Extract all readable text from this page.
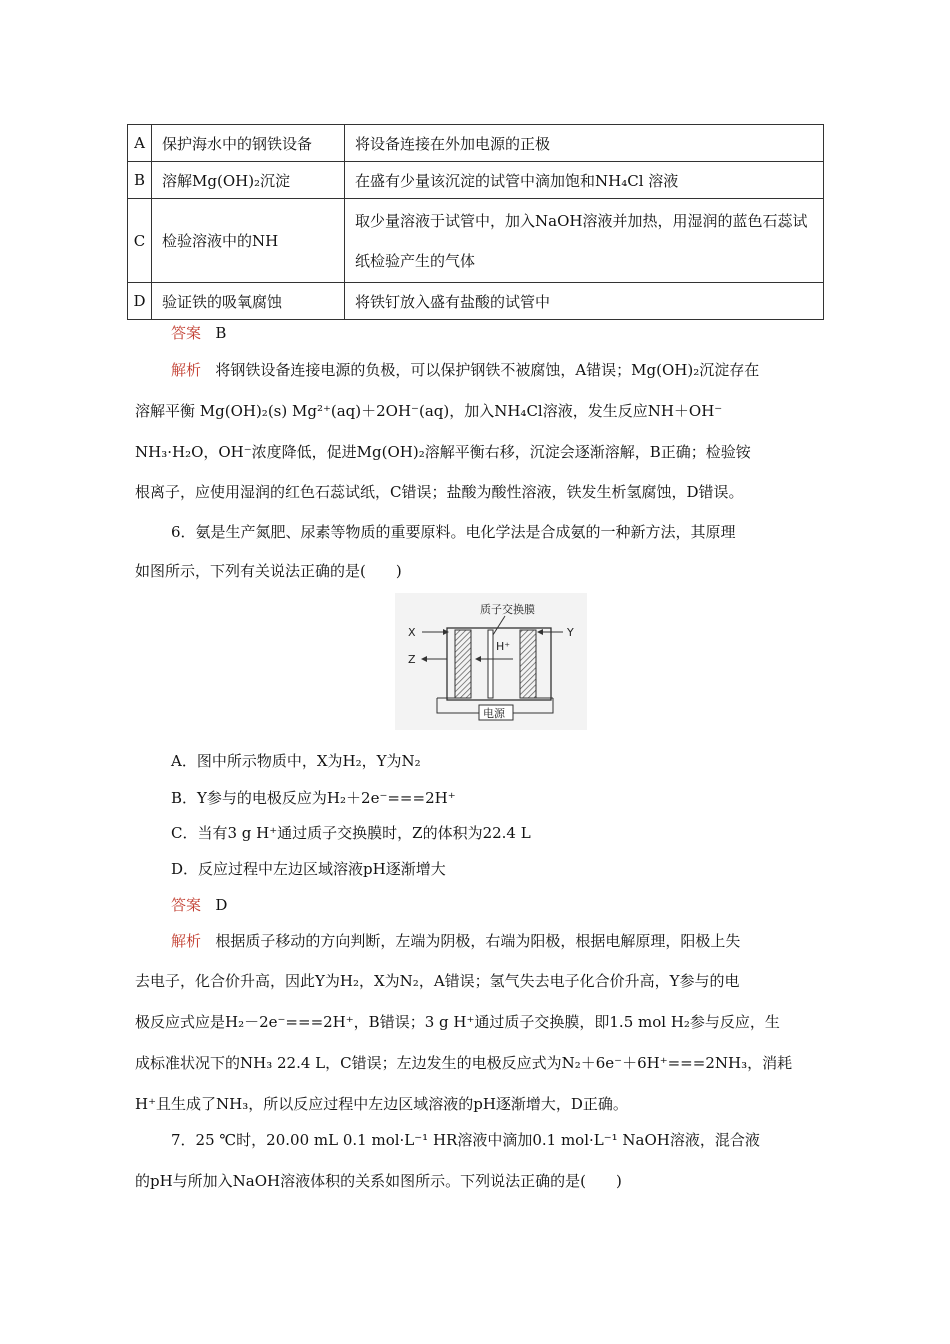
A	保护海水中的钢铁设备	将设备连接在外加电源的正极
B	溶解Mg(OH)₂沉淀	在盛有少量该沉淀的试管中滴加饱和NH₄Cl 溶液
C	检验溶液中的NH	取少量溶液于试管中，加入NaOH溶液并加热，用湿润的蓝色石蕊试纸检验产生的气体
D	验证铁的吸氧腐蚀	将铁钉放入盛有盐酸的试管中
答案 B
解析 将钢铁设备连接电源的负极，可以保护钢铁不被腐蚀，A错误；Mg(OH)₂沉淀存在
溶解平衡 Mg(OH)₂(s) Mg²⁺(aq)＋2OH⁻(aq)，加入NH₄Cl溶液，发生反应NH＋OH⁻
NH₃·H₂O，OH⁻浓度降低，促进Mg(OH)₂溶解平衡右移，沉淀会逐渐溶解，B正确；检验铵
根离子，应使用湿润的红色石蕊试纸，C错误；盐酸为酸性溶液，铁发生析氢腐蚀，D错误。
6．氨是生产氮肥、尿素等物质的重要原料。电化学法是合成氨的一种新方法，其原理
如图所示，下列有关说法正确的是(　　)
质子交换膜
H⁺
X
Z
Y
电源
A．图中所示物质中，X为H₂，Y为N₂
B．Y参与的电极反应为H₂＋2e⁻===2H⁺
C．当有3 g H⁺通过质子交换膜时，Z的体积为22.4 L
D．反应过程中左边区域溶液pH逐渐增大
答案 D
解析 根据质子移动的方向判断，左端为阴极，右端为阳极，根据电解原理，阳极上失
去电子，化合价升高，因此Y为H₂，X为N₂，A错误；氢气失去电子化合价升高，Y参与的电
极反应式应是H₂－2e⁻===2H⁺，B错误；3 g H⁺通过质子交换膜，即1.5 mol H₂参与反应，生
成标准状况下的NH₃ 22.4 L，C错误；左边发生的电极反应式为N₂＋6e⁻＋6H⁺===2NH₃，消耗
H⁺且生成了NH₃，所以反应过程中左边区域溶液的pH逐渐增大，D正确。
7．25 ℃时，20.00 mL 0.1 mol·L⁻¹ HR溶液中滴加0.1 mol·L⁻¹ NaOH溶液，混合液
的pH与所加入NaOH溶液体积的关系如图所示。下列说法正确的是(　　)
